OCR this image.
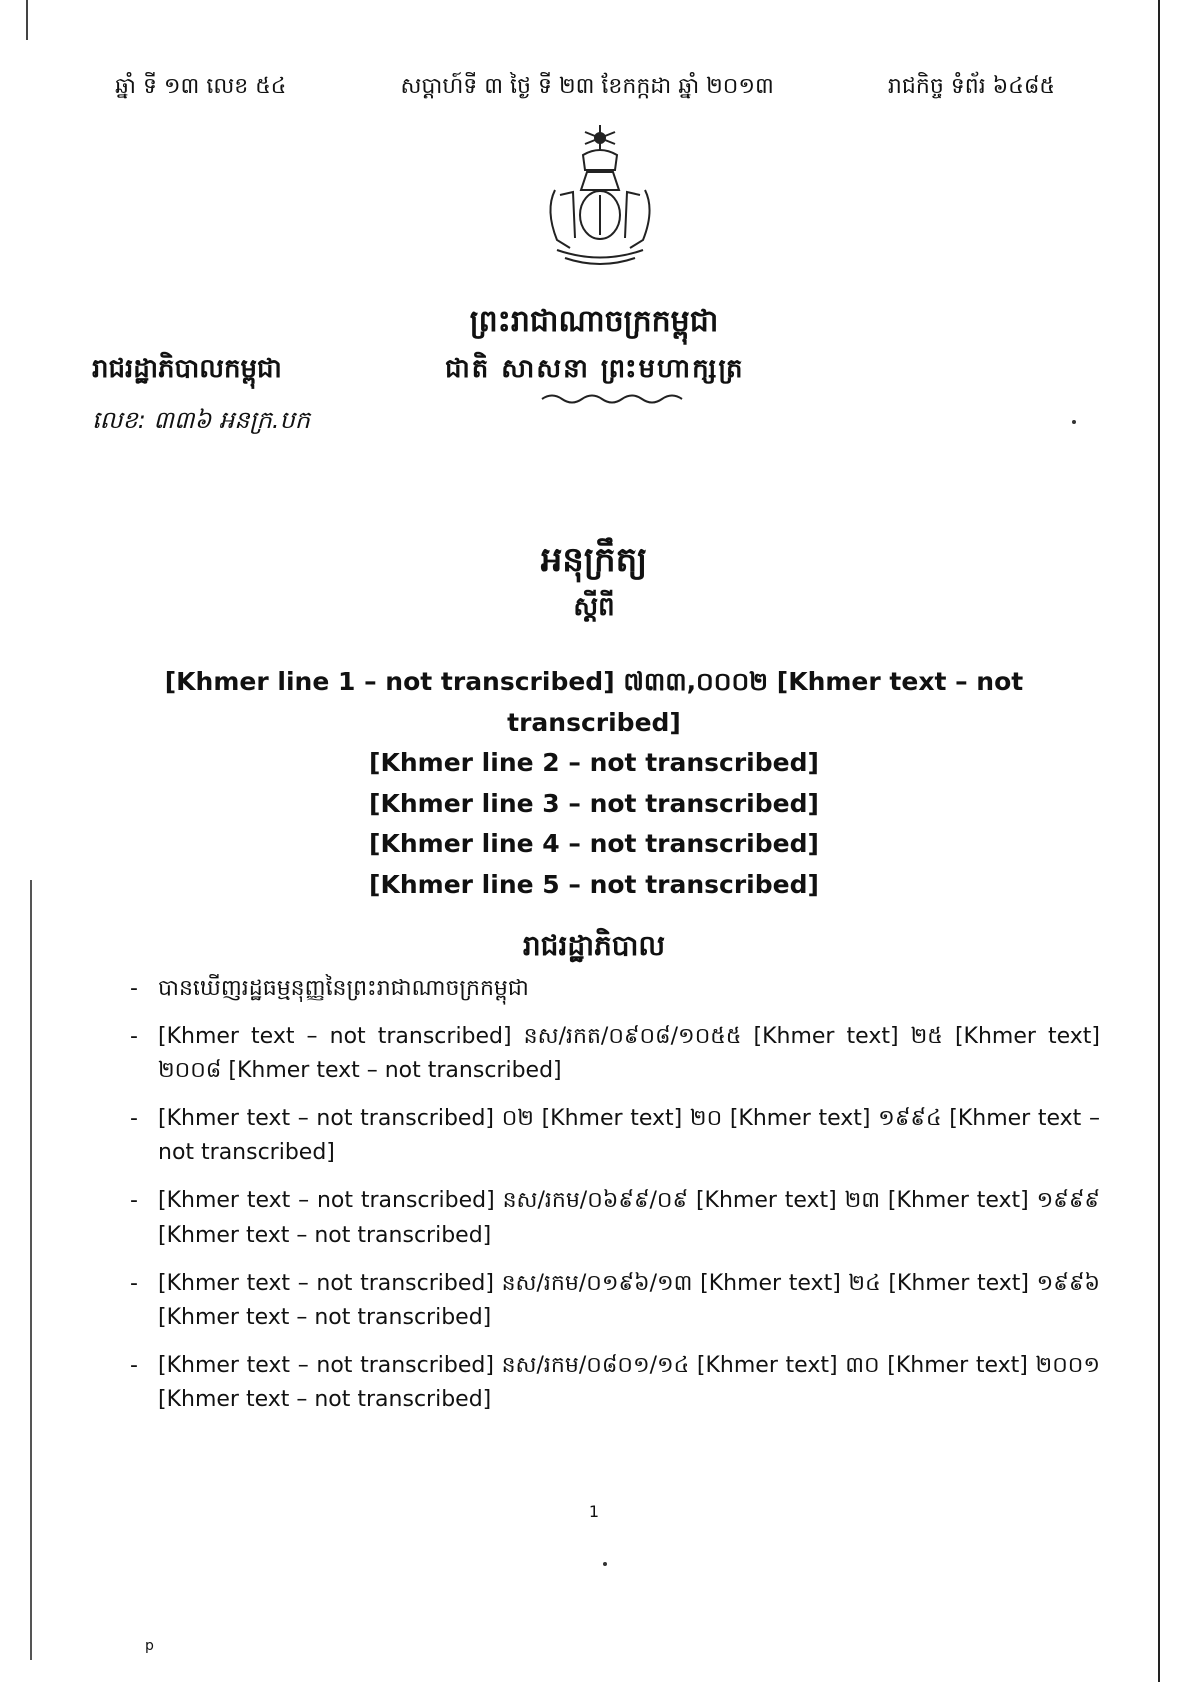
ឆ្នាំ ទី ១៣ លេខ ៥៤	សប្តាហ៍ទី ៣ ថ្ងៃ ទី ២៣ ខែកក្កដា ឆ្នាំ ២០១៣	រាជកិច្ច ទំព័រ ៦៤៨៥
ព្រះរាជាណាចក្រកម្ពុជា
រាជរដ្ឋាភិបាលកម្ពុជា	ជាតិ សាសនា ព្រះមហាក្សត្រ
លេខ: ៣៣៦ អនក្រ.បក
អនុក្រឹត្យ
ស្តីពី
[Khmer line 1 – not transcribed] ៧៣៣,០០០២ [Khmer text – not transcribed]
[Khmer line 2 – not transcribed]
[Khmer line 3 – not transcribed]
[Khmer line 4 – not transcribed]
[Khmer line 5 – not transcribed]
រាជរដ្ឋាភិបាល
- បានឃើញរដ្ឋធម្មនុញ្ញនៃព្រះរាជាណាចក្រកម្ពុជា
- [Khmer text – not transcribed] នស/រកត/០៩០៨/១០៥៥ [Khmer text] ២៥ [Khmer text] ២០០៨ [Khmer text – not transcribed]
- [Khmer text – not transcribed] ០២ [Khmer text] ២០ [Khmer text] ១៩៩៤ [Khmer text – not transcribed]
- [Khmer text – not transcribed] នស/រកម/០៦៩៩/០៩ [Khmer text] ២៣ [Khmer text] ១៩៩៩ [Khmer text – not transcribed]
- [Khmer text – not transcribed] នស/រកម/០១៩៦/១៣ [Khmer text] ២៤ [Khmer text] ១៩៩៦ [Khmer text – not transcribed]
- [Khmer text – not transcribed] នស/រកម/០៨០១/១៤ [Khmer text] ៣០ [Khmer text] ២០០១ [Khmer text – not transcribed]
1
p
